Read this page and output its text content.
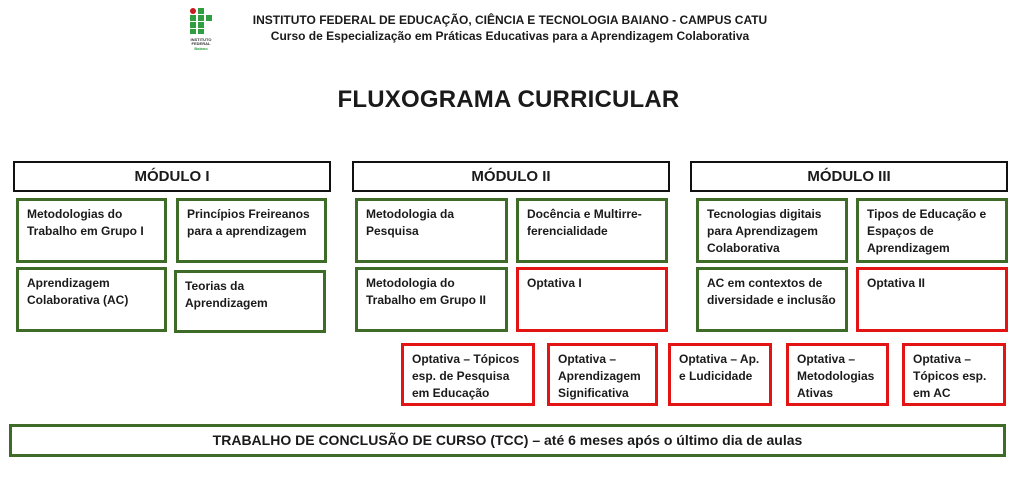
INSTITUTO
FEDERAL
Baiano
INSTITUTO FEDERAL DE EDUCAÇÃO, CIÊNCIA E TECNOLOGIA BAIANO - CAMPUS CATU
Curso de Especialização em Práticas Educativas para a Aprendizagem Colaborativa
FLUXOGRAMA CURRICULAR
MÓDULO I
Metodologias do Trabalho em Grupo I
Princípios Freireanos para a aprendizagem
Aprendizagem Colaborativa (AC)
Teorias da Aprendizagem
MÓDULO II
Metodologia da Pesquisa
Docência e Multirre-ferencialidade
Metodologia do Trabalho em Grupo II
Optativa I
MÓDULO III
Tecnologias digitais para Aprendizagem Colaborativa
Tipos de Educação e Espaços de Aprendizagem
AC em contextos de diversidade e inclusão
Optativa II
Optativa – Tópicos esp. de Pesquisa em Educação
Optativa – Aprendizagem Significativa
Optativa – Ap. e Ludicidade
Optativa – Metodologias Ativas
Optativa – Tópicos esp. em AC
TRABALHO DE CONCLUSÃO DE CURSO (TCC) – até 6 meses após o último dia de aulas
